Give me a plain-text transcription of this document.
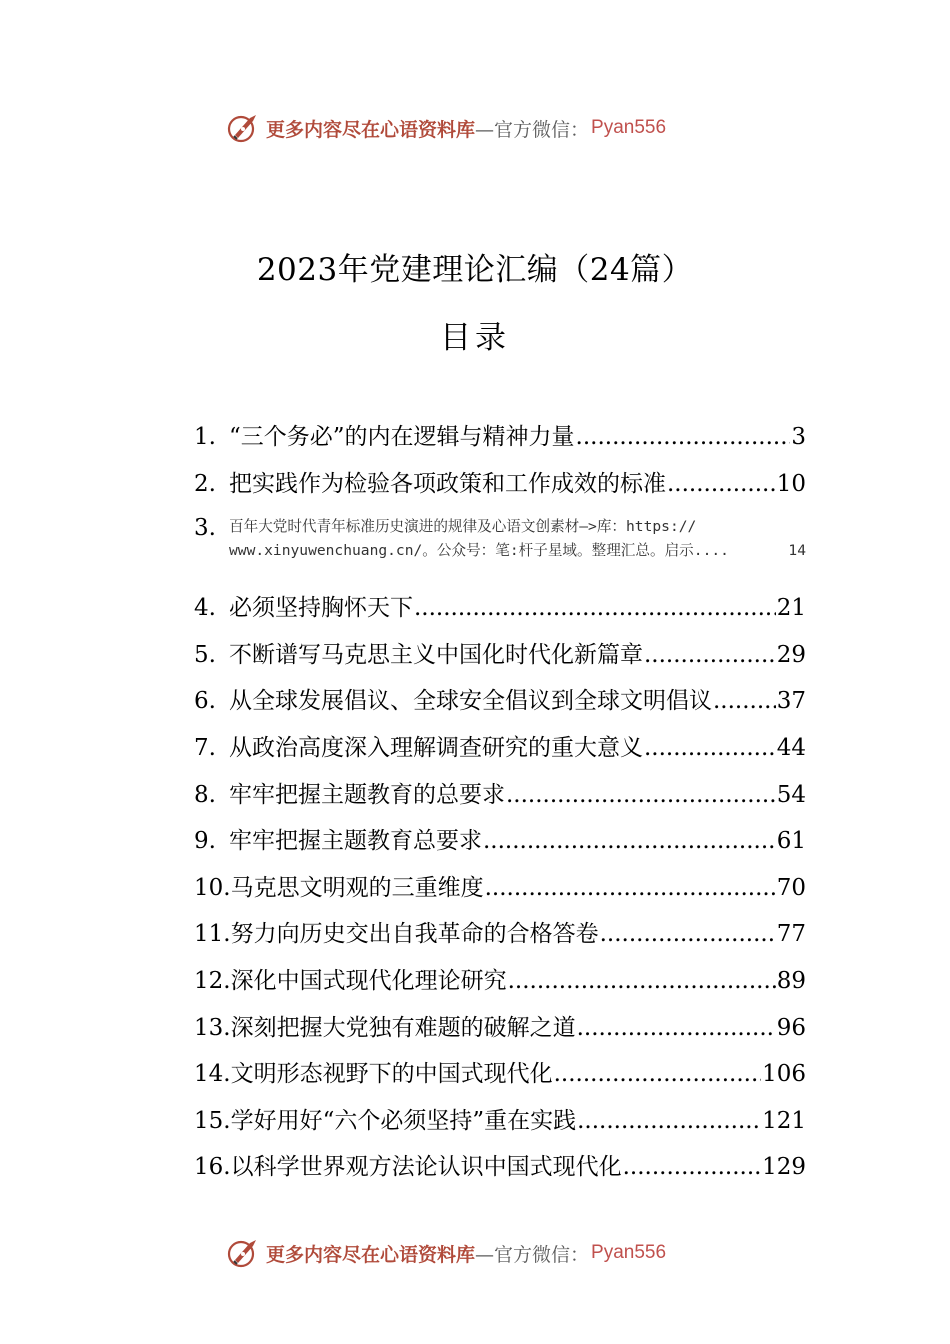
更多内容尽在心语资料库 —官方微信： Pyan556
2023年党建理论汇编（24篇）
目录
1. “三个务必”的内在逻辑与精神力量 .....	3
2. 把实践作为检验各项政策和工作成效的标准 .....	10
3. 百年大党时代青年标准历史演进的规律及心语文创素材—>库：https://
www.xinyuwenchuang.cn/。公众号：笔:杆子星域。整理汇总。启示 ....	14
4. 必须坚持胸怀天下 .....	21
5. 不断谱写马克思主义中国化时代化新篇章 .....	29
6. 从全球发展倡议、全球安全倡议到全球文明倡议 .....	37
7. 从政治高度深入理解调查研究的重大意义 .....	44
8. 牢牢把握主题教育的总要求 .....	54
9. 牢牢把握主题教育总要求 .....	61
10. 马克思文明观的三重维度 .....	70
11. 努力向历史交出自我革命的合格答卷 .....	77
12. 深化中国式现代化理论研究 .....	89
13. 深刻把握大党独有难题的破解之道 .....	96
14. 文明形态视野下的中国式现代化 .....	106
15. 学好用好“六个必须坚持”重在实践 .....	121
16. 以科学世界观方法论认识中国式现代化 .....	129
更多内容尽在心语资料库 —官方微信： Pyan556
